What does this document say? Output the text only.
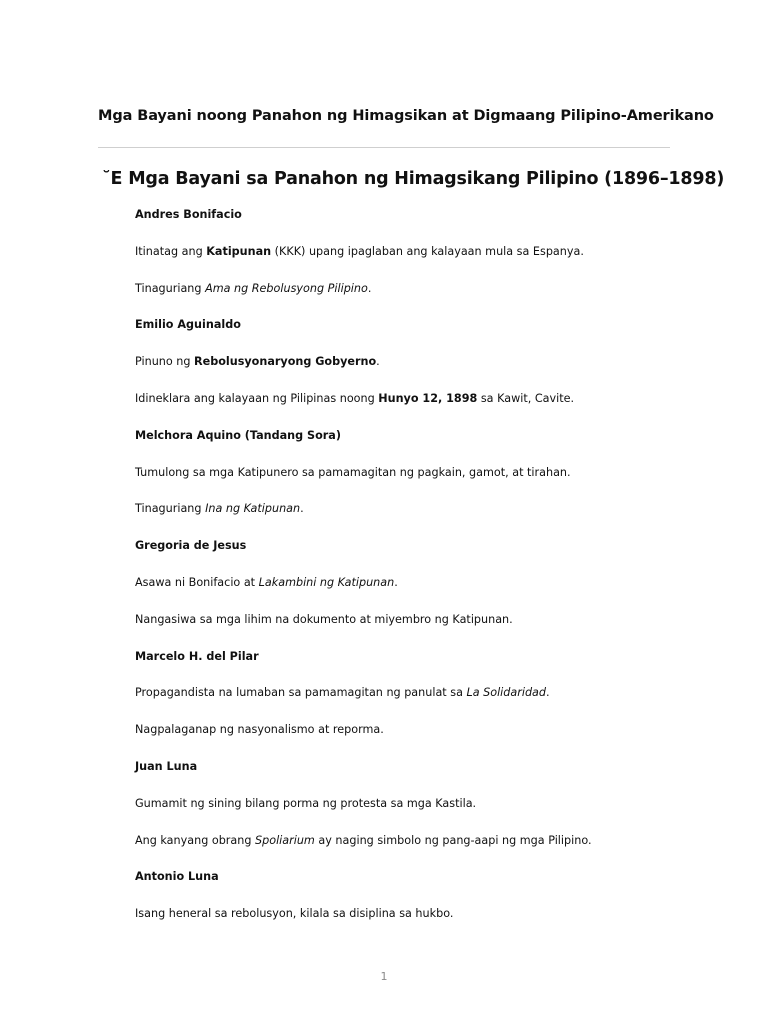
Mga Bayani noong Panahon ng Himagsikan at Digmaang Pilipino-Amerikano
˘E Mga Bayani sa Panahon ng Himagsikang Pilipino (1896–1898)
Andres Bonifacio
Itinatag ang Katipunan (KKK) upang ipaglaban ang kalayaan mula sa Espanya.
Tinaguriang Ama ng Rebolusyong Pilipino.
Emilio Aguinaldo
Pinuno ng Rebolusyonaryong Gobyerno.
Idineklara ang kalayaan ng Pilipinas noong Hunyo 12, 1898 sa Kawit, Cavite.
Melchora Aquino (Tandang Sora)
Tumulong sa mga Katipunero sa pamamagitan ng pagkain, gamot, at tirahan.
Tinaguriang Ina ng Katipunan.
Gregoria de Jesus
Asawa ni Bonifacio at Lakambini ng Katipunan.
Nangasiwa sa mga lihim na dokumento at miyembro ng Katipunan.
Marcelo H. del Pilar
Propagandista na lumaban sa pamamagitan ng panulat sa La Solidaridad.
Nagpalaganap ng nasyonalismo at reporma.
Juan Luna
Gumamit ng sining bilang porma ng protesta sa mga Kastila.
Ang kanyang obrang Spoliarium ay naging simbolo ng pang-aapi ng mga Pilipino.
Antonio Luna
Isang heneral sa rebolusyon, kilala sa disiplina sa hukbo.
1
